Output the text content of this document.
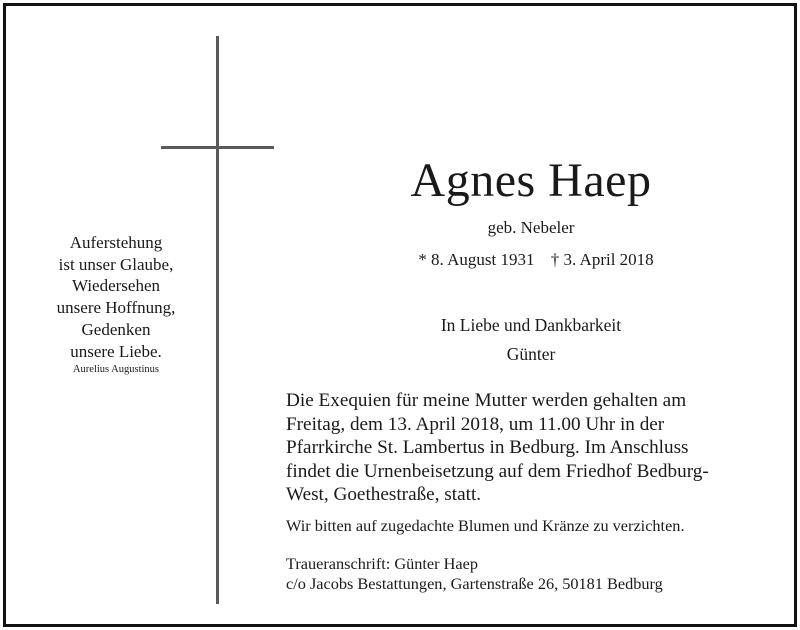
Auferstehung
ist unser Glaube,
Wiedersehen
unsere Hoffnung,
Gedenken
unsere Liebe.
Aurelius Augustinus
Agnes Haep
geb. Nebeler
* 8. August 1931 † 3. April 2018
In Liebe und Dankbarkeit
Günter
Die Exequien für meine Mutter werden gehalten am
Freitag, dem 13. April 2018, um 11.00 Uhr in der
Pfarrkirche St. Lambertus in Bedburg. Im Anschluss
findet die Urnenbeisetzung auf dem Friedhof Bedburg-
West, Goethestraße, statt.
Wir bitten auf zugedachte Blumen und Kränze zu verzichten.
Traueranschrift: Günter Haep
c/o Jacobs Bestattungen, Gartenstraße 26, 50181 Bedburg
